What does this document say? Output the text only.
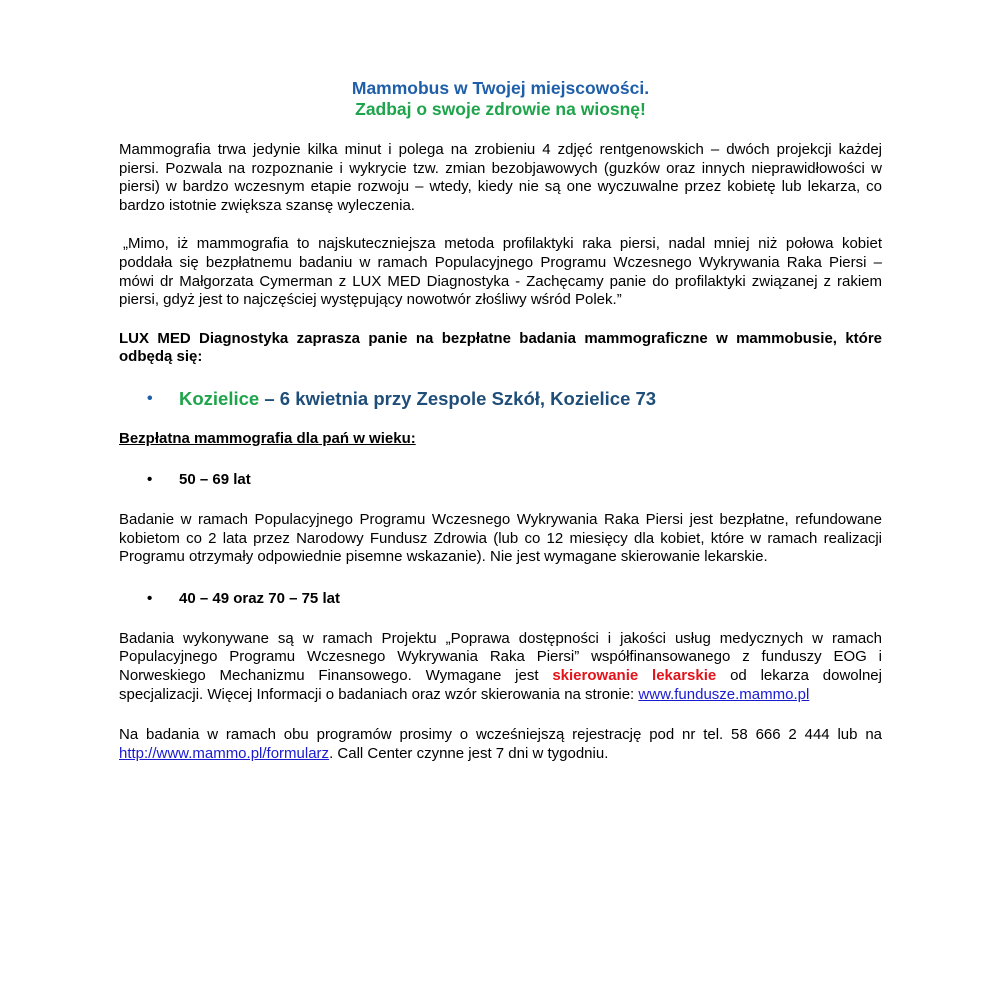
Mammobus w Twojej miejscowości.
Zadbaj o swoje zdrowie na wiosnę!

Mammografia trwa jedynie kilka minut i polega na zrobieniu 4 zdjęć rentgenowskich – dwóch projekcji każdej piersi. Pozwala na rozpoznanie i wykrycie tzw. zmian bezobjawowych (guzków oraz innych nieprawidłowości w piersi) w bardzo wczesnym etapie rozwoju – wtedy, kiedy nie są one wyczuwalne przez kobietę lub lekarza, co bardzo istotnie zwiększa szansę wyleczenia.

„Mimo, iż mammografia to najskuteczniejsza metoda profilaktyki raka piersi, nadal mniej niż połowa kobiet poddała się bezpłatnemu badaniu w ramach Populacyjnego Programu Wczesnego Wykrywania Raka Piersi – mówi dr Małgorzata Cymerman z LUX MED Diagnostyka - Zachęcamy panie do profilaktyki związanej z rakiem piersi, gdyż jest to najczęściej występujący nowotwór złośliwy wśród Polek.”

LUX MED Diagnostyka zaprasza panie na bezpłatne badania mammograficzne w mammobusie, które odbędą się:

•	Kozielice – 6 kwietnia przy Zespole Szkół, Kozielice 73
Bezpłatna mammografia dla pań w wieku:
•	50 – 69 lat

Badanie w ramach Populacyjnego Programu Wczesnego Wykrywania Raka Piersi jest bezpłatne, refundowane kobietom co 2 lata przez Narodowy Fundusz Zdrowia (lub co 12 miesięcy dla kobiet, które w ramach realizacji Programu otrzymały odpowiednie pisemne wskazanie). Nie jest wymagane skierowanie lekarskie.

•	40 – 49 oraz 70 – 75 lat

Badania wykonywane są w ramach Projektu „Poprawa dostępności i jakości usług medycznych w ramach Populacyjnego Programu Wczesnego Wykrywania Raka Piersi” współfinansowanego z funduszy EOG i Norweskiego Mechanizmu Finansowego. Wymagane jest skierowanie lekarskie od lekarza dowolnej specjalizacji. Więcej Informacji o badaniach oraz wzór skierowania na stronie: www.fundusze.mammo.pl

Na badania w ramach obu programów prosimy o wcześniejszą rejestrację pod nr tel. 58 666 2 444 lub na http://www.mammo.pl/formularz. Call Center czynne jest 7 dni w tygodniu.
